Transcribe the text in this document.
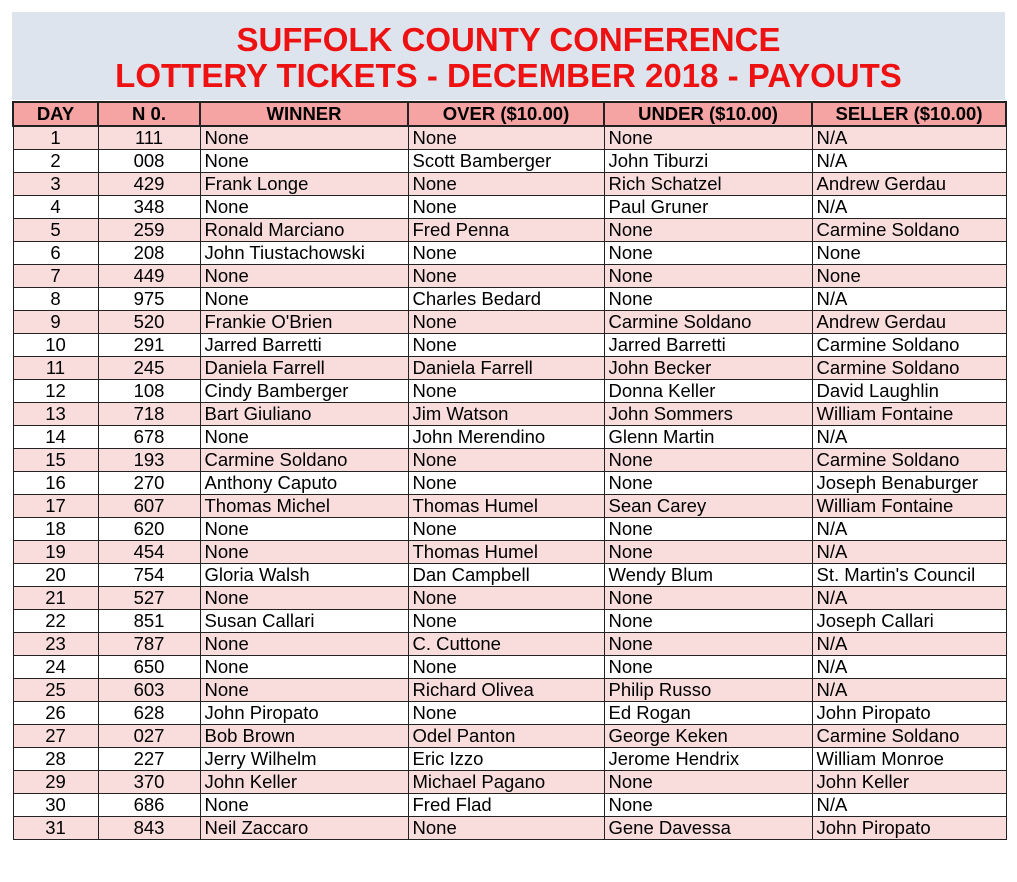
SUFFOLK COUNTY CONFERENCE
LOTTERY TICKETS - DECEMBER 2018 - PAYOUTS
DAY	N 0.	WINNER	OVER ($10.00)	UNDER ($10.00)	SELLER ($10.00)
1	111	None	None	None	N/A
2	008	None	Scott Bamberger	John Tiburzi	N/A
3	429	Frank Longe	None	Rich Schatzel	Andrew Gerdau
4	348	None	None	Paul Gruner	N/A
5	259	Ronald Marciano	Fred Penna	None	Carmine Soldano
6	208	John Tiustachowski	None	None	None
7	449	None	None	None	None
8	975	None	Charles Bedard	None	N/A
9	520	Frankie O'Brien	None	Carmine Soldano	Andrew Gerdau
10	291	Jarred Barretti	None	Jarred Barretti	Carmine Soldano
11	245	Daniela Farrell	Daniela Farrell	John Becker	Carmine Soldano
12	108	Cindy Bamberger	None	Donna Keller	David Laughlin
13	718	Bart Giuliano	Jim Watson	John Sommers	William Fontaine
14	678	None	John Merendino	Glenn Martin	N/A
15	193	Carmine Soldano	None	None	Carmine Soldano
16	270	Anthony Caputo	None	None	Joseph Benaburger
17	607	Thomas Michel	Thomas Humel	Sean Carey	William Fontaine
18	620	None	None	None	N/A
19	454	None	Thomas Humel	None	N/A
20	754	Gloria Walsh	Dan Campbell	Wendy Blum	St. Martin's Council
21	527	None	None	None	N/A
22	851	Susan Callari	None	None	Joseph Callari
23	787	None	C. Cuttone	None	N/A
24	650	None	None	None	N/A
25	603	None	Richard Olivea	Philip Russo	N/A
26	628	John Piropato	None	Ed Rogan	John Piropato
27	027	Bob Brown	Odel Panton	George Keken	Carmine Soldano
28	227	Jerry Wilhelm	Eric Izzo	Jerome Hendrix	William Monroe
29	370	John Keller	Michael Pagano	None	John Keller
30	686	None	Fred Flad	None	N/A
31	843	Neil Zaccaro	None	Gene Davessa	John Piropato
